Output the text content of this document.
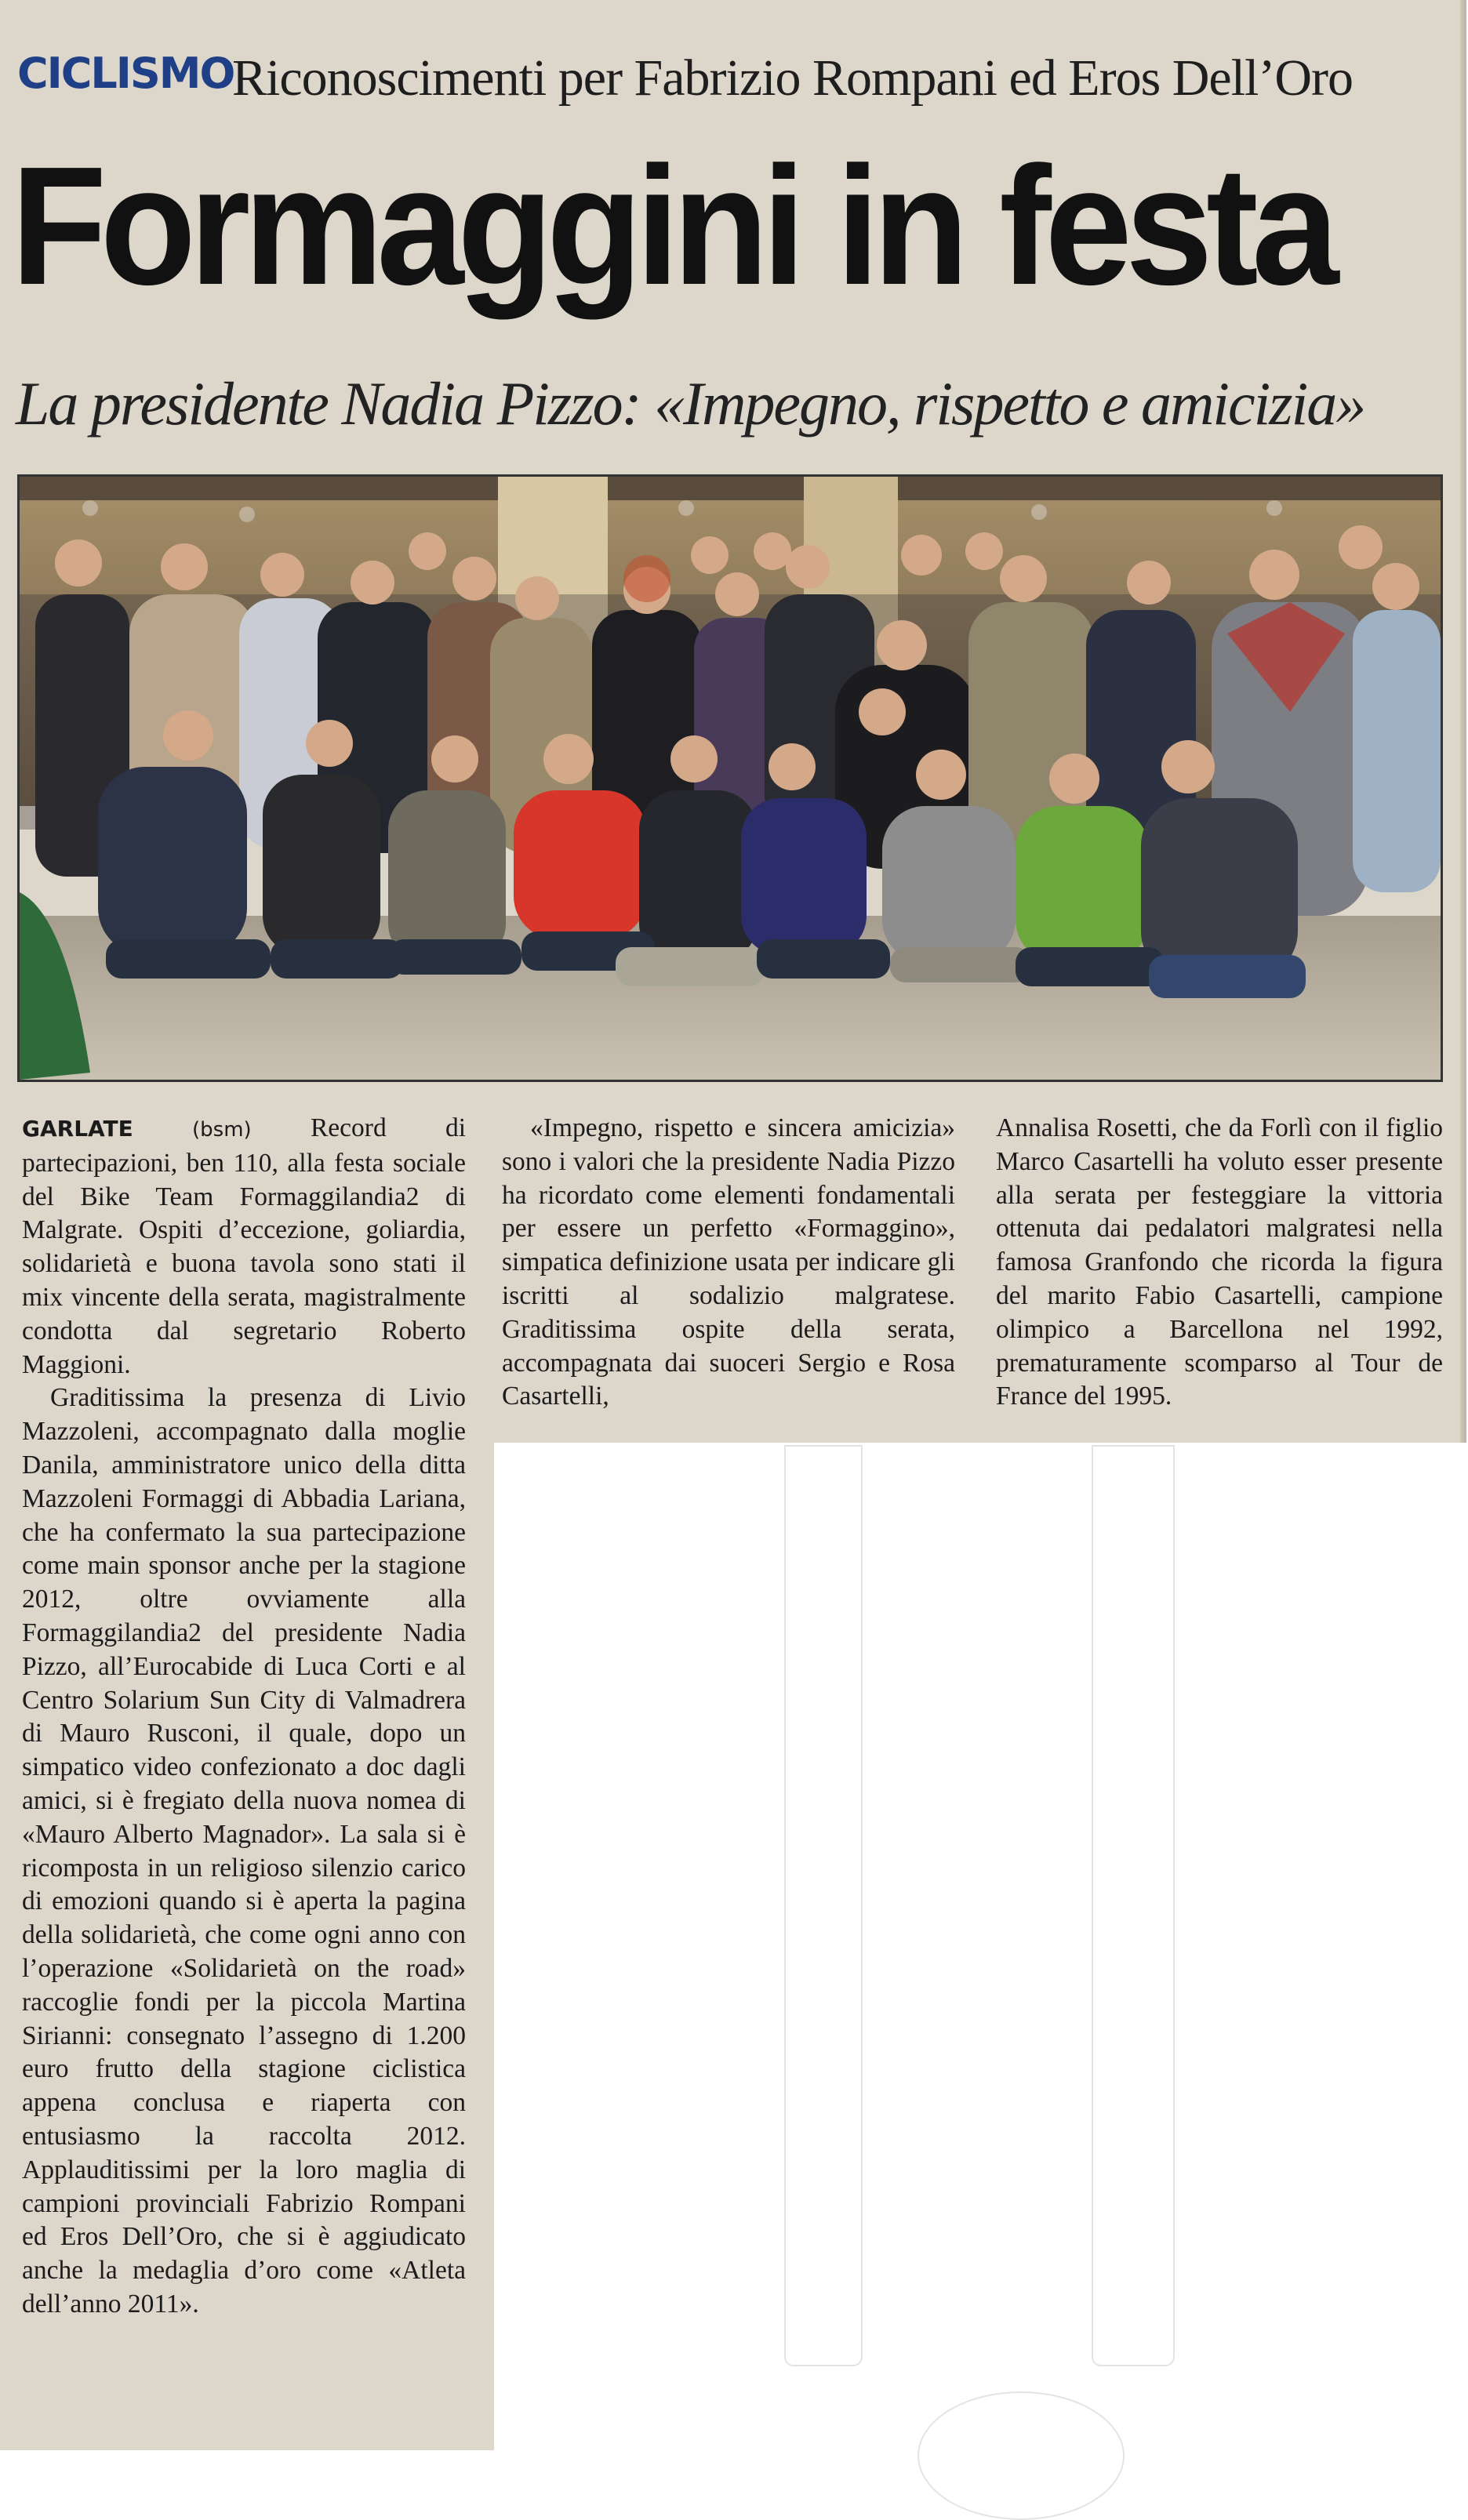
CICLISMO
Riconoscimenti per Fabrizio Rompani ed Eros Dell’Oro
Formaggini in festa
La presidente Nadia Pizzo: «Impegno, rispetto e amicizia»

GARLATE	(bsm) Record di partecipazioni, ben 110, alla festa sociale del Bike Team Formaggilandia2 di Malgrate. Ospiti d’eccezione, goliardia, solidarietà e buona tavola sono stati il mix vincente della serata, magistralmente condotta dal segretario Roberto Maggioni.

Graditissima la presenza di Livio Mazzoleni, accompagnato dalla moglie Danila, amministratore unico della ditta Mazzoleni Formaggi di Abbadia Lariana, che ha confermato la sua partecipazione come main sponsor anche per la stagione 2012, oltre ovviamente alla Formaggilandia2 del presidente Nadia Pizzo, all’Eurocabide di Luca Corti e al Centro Solarium Sun City di Valmadrera di Mauro Rusconi, il quale, dopo un simpatico video confezionato a doc dagli amici, si è fregiato della nuova nomea di «Mauro Alberto Magnador». La sala si è ricomposta in un religioso silenzio carico di emozioni quando si è aperta la pagina della solidarietà, che come ogni anno con l’operazione «Solidarietà on the road» raccoglie fondi per la piccola Martina Sirianni: consegnato l’assegno di 1.200 euro frutto della stagione ciclistica appena conclusa e riaperta con entusiasmo la raccolta 2012. Applauditissimi per la loro maglia di campioni provinciali Fabrizio Rompani ed Eros Dell’Oro, che si è aggiudicato anche la medaglia d’oro come «Atleta dell’anno 2011».

«Impegno, rispetto e sincera amicizia» sono i valori che la presidente Nadia Pizzo ha ricordato come elementi fondamentali per essere un perfetto «Formaggino», simpatica definizione usata per indicare gli iscritti al sodalizio malgratese. Graditissima ospite della serata, accompagnata dai suoceri Sergio e Rosa Casartelli,

Annalisa Rosetti, che da Forlì con il figlio Marco Casartelli ha voluto esser presente alla serata per festeggiare la vittoria ottenuta dai pedalatori malgratesi nella famosa Granfondo che ricorda la figura del marito Fabio Casartelli, campione olimpico a Barcellona nel 1992, prematuramente scomparso al Tour de France del 1995.
